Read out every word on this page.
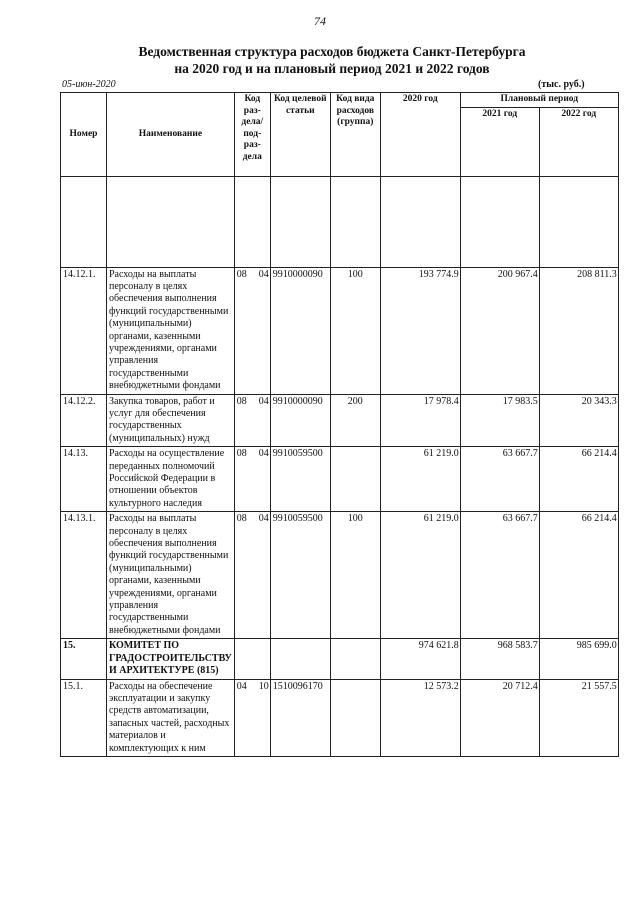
74
Ведомственная структура расходов бюджета Санкт-Петербурга
на 2020 год и на плановый период 2021 и 2022 годов
05-июн-2020	(тыс. руб.)
Номер	Наименование	Код раз-дела/ под-раз-дела	Код целевой статьи	Код вида расходов (группа)	2020 год	Плановый период	
						2021 год	2022 год

14.12.1.	Расходы на выплаты персоналу в целях обеспечения выполнения функций государственными (муниципальными) органами, казенными учреждениями, органами управления государственными внебюджетными фондами	08 04	9910000090	100	193 774.9	200 967.4	208 811.3
14.12.2.	Закупка товаров, работ и услуг для обеспечения государственных (муниципальных) нужд	08 04	9910000090	200	17 978.4	17 983.5	20 343.3
14.13.	Расходы на осуществление переданных полномочий Российской Федерации в отношении объектов культурного наследия	08 04	9910059500		61 219.0	63 667.7	66 214.4
14.13.1.	Расходы на выплаты персоналу в целях обеспечения выполнения функций государственными (муниципальными) органами, казенными учреждениями, органами управления государственными внебюджетными фондами	08 04	9910059500	100	61 219.0	63 667.7	66 214.4
15.	КОМИТЕТ ПО ГРАДОСТРОИТЕЛЬСТВУ И АРХИТЕКТУРЕ (815)				974 621.8	968 583.7	985 699.0
15.1.	Расходы на обеспечение эксплуатации и закупку средств автоматизации, запасных частей, расходных материалов и комплектующих к ним	04 10	1510096170		12 573.2	20 712.4	21 557.5
